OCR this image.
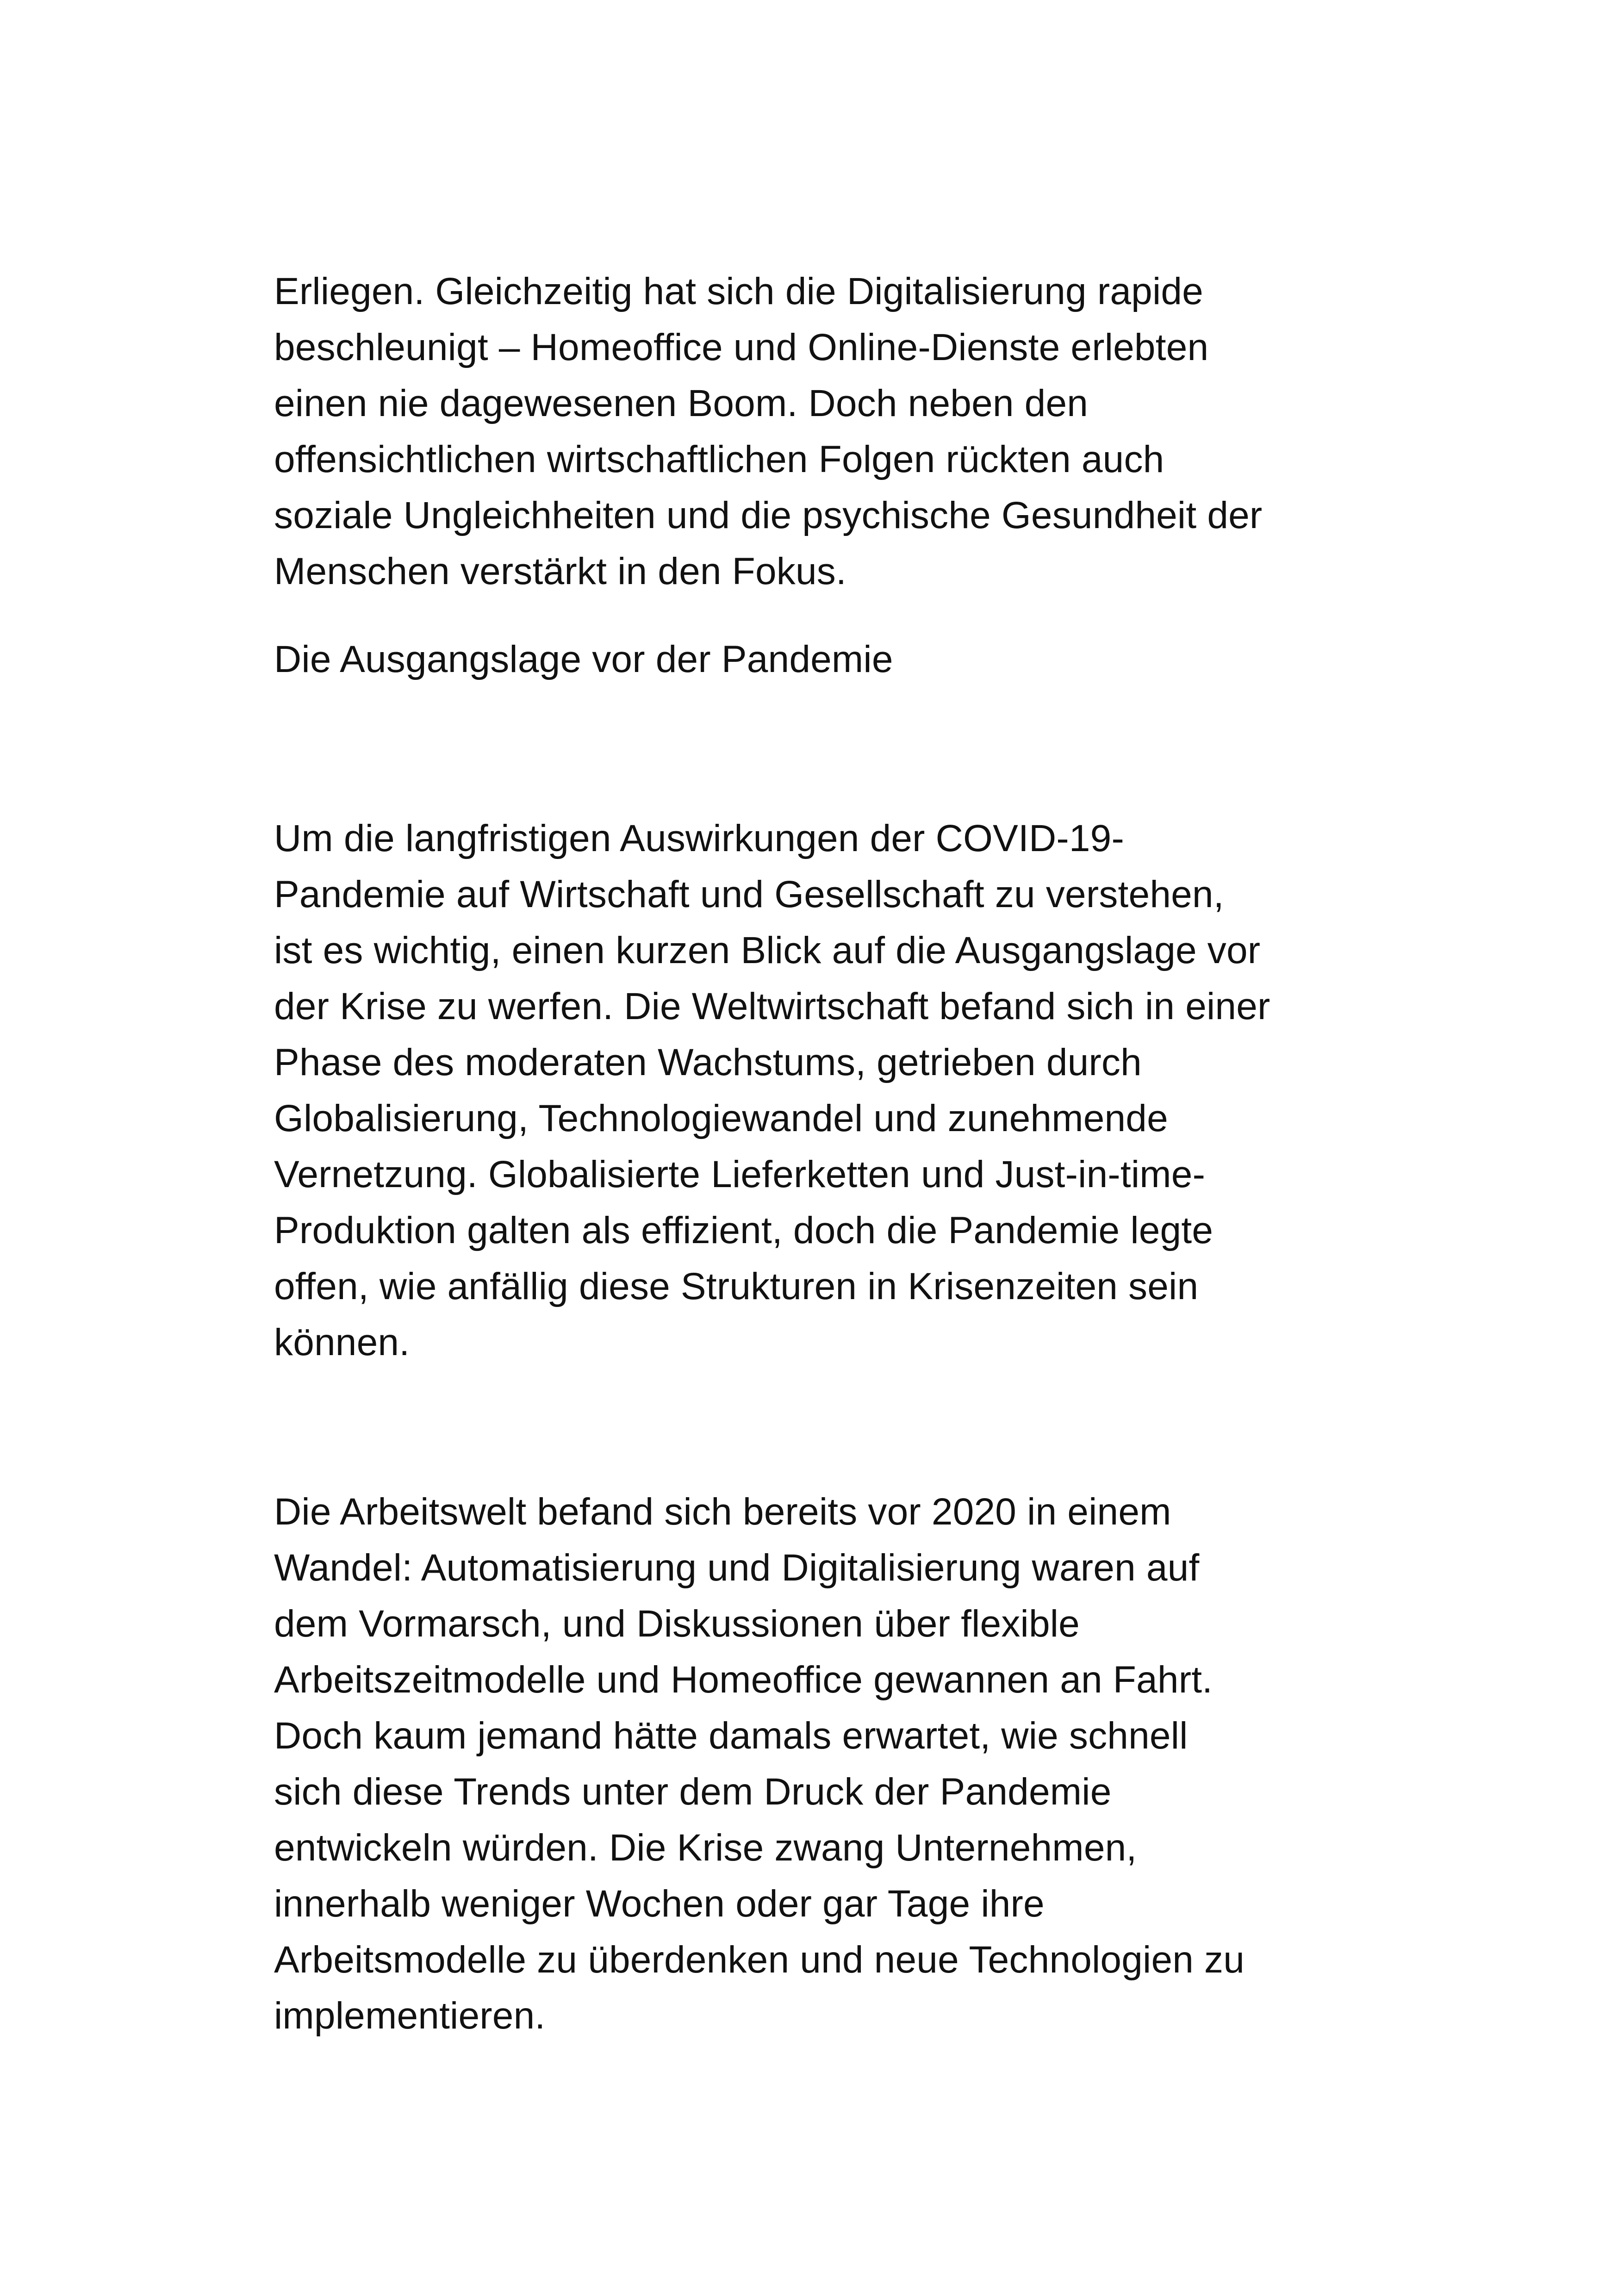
Erliegen. Gleichzeitig hat sich die Digitalisierung rapide

beschleunigt – Homeoffice und Online-Dienste erlebten

einen nie dagewesenen Boom. Doch neben den

offensichtlichen wirtschaftlichen Folgen rückten auch

soziale Ungleichheiten und die psychische Gesundheit der

Menschen verstärkt in den Fokus.

Die Ausgangslage vor der Pandemie

Um die langfristigen Auswirkungen der COVID-19-

Pandemie auf Wirtschaft und Gesellschaft zu verstehen,

ist es wichtig, einen kurzen Blick auf die Ausgangslage vor

der Krise zu werfen. Die Weltwirtschaft befand sich in einer

Phase des moderaten Wachstums, getrieben durch

Globalisierung, Technologiewandel und zunehmende

Vernetzung. Globalisierte Lieferketten und Just-in-time-

Produktion galten als effizient, doch die Pandemie legte

offen, wie anfällig diese Strukturen in Krisenzeiten sein

können.

Die Arbeitswelt befand sich bereits vor 2020 in einem

Wandel: Automatisierung und Digitalisierung waren auf

dem Vormarsch, und Diskussionen über flexible

Arbeitszeitmodelle und Homeoffice gewannen an Fahrt.

Doch kaum jemand hätte damals erwartet, wie schnell

sich diese Trends unter dem Druck der Pandemie

entwickeln würden. Die Krise zwang Unternehmen,

innerhalb weniger Wochen oder gar Tage ihre

Arbeitsmodelle zu überdenken und neue Technologien zu

implementieren.
